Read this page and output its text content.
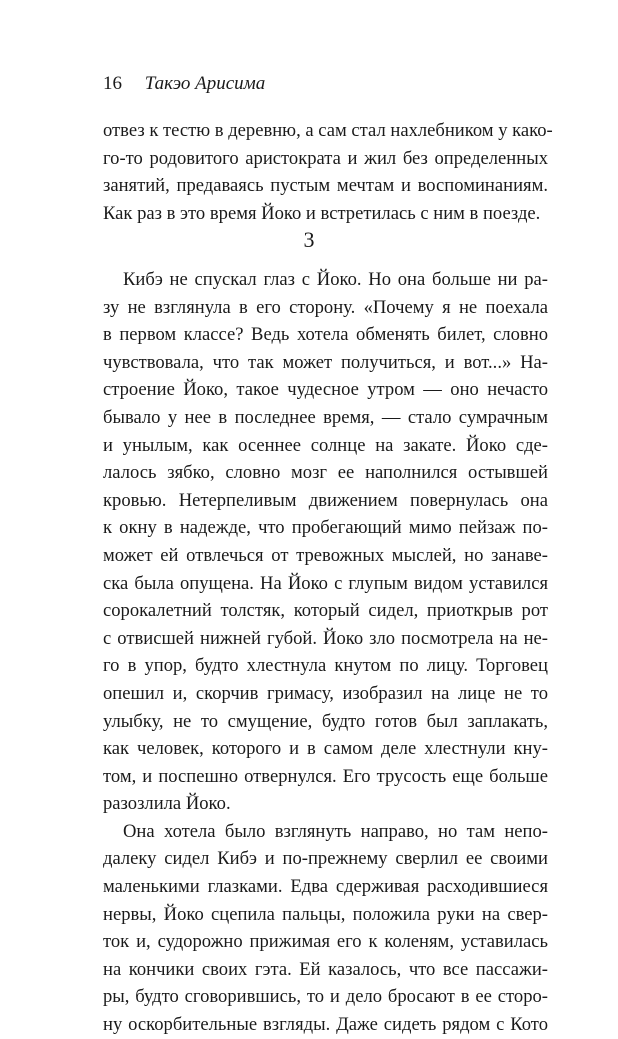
16 Такэо Арисима
отвез к тестю в деревню, а сам стал нахлебником у како-
го-то родовитого аристократа и жил без определенных
занятий, предаваясь пустым мечтам и воспоминаниям.
Как раз в это время Йоко и встретилась с ним в поезде.
3
Кибэ не спускал глаз с Йоко. Но она больше ни ра-
зу не взглянула в его сторону. «Почему я не поехала
в первом классе? Ведь хотела обменять билет, словно
чувствовала, что так может получиться, и вот...» На-
строение Йоко, такое чудесное утром — оно нечасто
бывало у нее в последнее время, — стало сумрачным
и унылым, как осеннее солнце на закате. Йоко сде-
лалось зябко, словно мозг ее наполнился остывшей
кровью. Нетерпеливым движением повернулась она
к окну в надежде, что пробегающий мимо пейзаж по-
может ей отвлечься от тревожных мыслей, но занаве-
ска была опущена. На Йоко с глупым видом уставился
сорокалетний толстяк, который сидел, приоткрыв рот
с отвисшей нижней губой. Йоко зло посмотрела на не-
го в упор, будто хлестнула кнутом по лицу. Торговец
опешил и, скорчив гримасу, изобразил на лице не то
улыбку, не то смущение, будто готов был заплакать,
как человек, которого и в самом деле хлестнули кну-
том, и поспешно отвернулся. Его трусость еще больше
разозлила Йоко.
Она хотела было взглянуть направо, но там непо-
далеку сидел Кибэ и по-прежнему сверлил ее своими
маленькими глазками. Едва сдерживая расходившиеся
нервы, Йоко сцепила пальцы, положила руки на свер-
ток и, судорожно прижимая его к коленям, уставилась
на кончики своих гэта. Ей казалось, что все пассажи-
ры, будто сговорившись, то и дело бросают в ее сторо-
ну оскорбительные взгляды. Даже сидеть рядом с Кото
